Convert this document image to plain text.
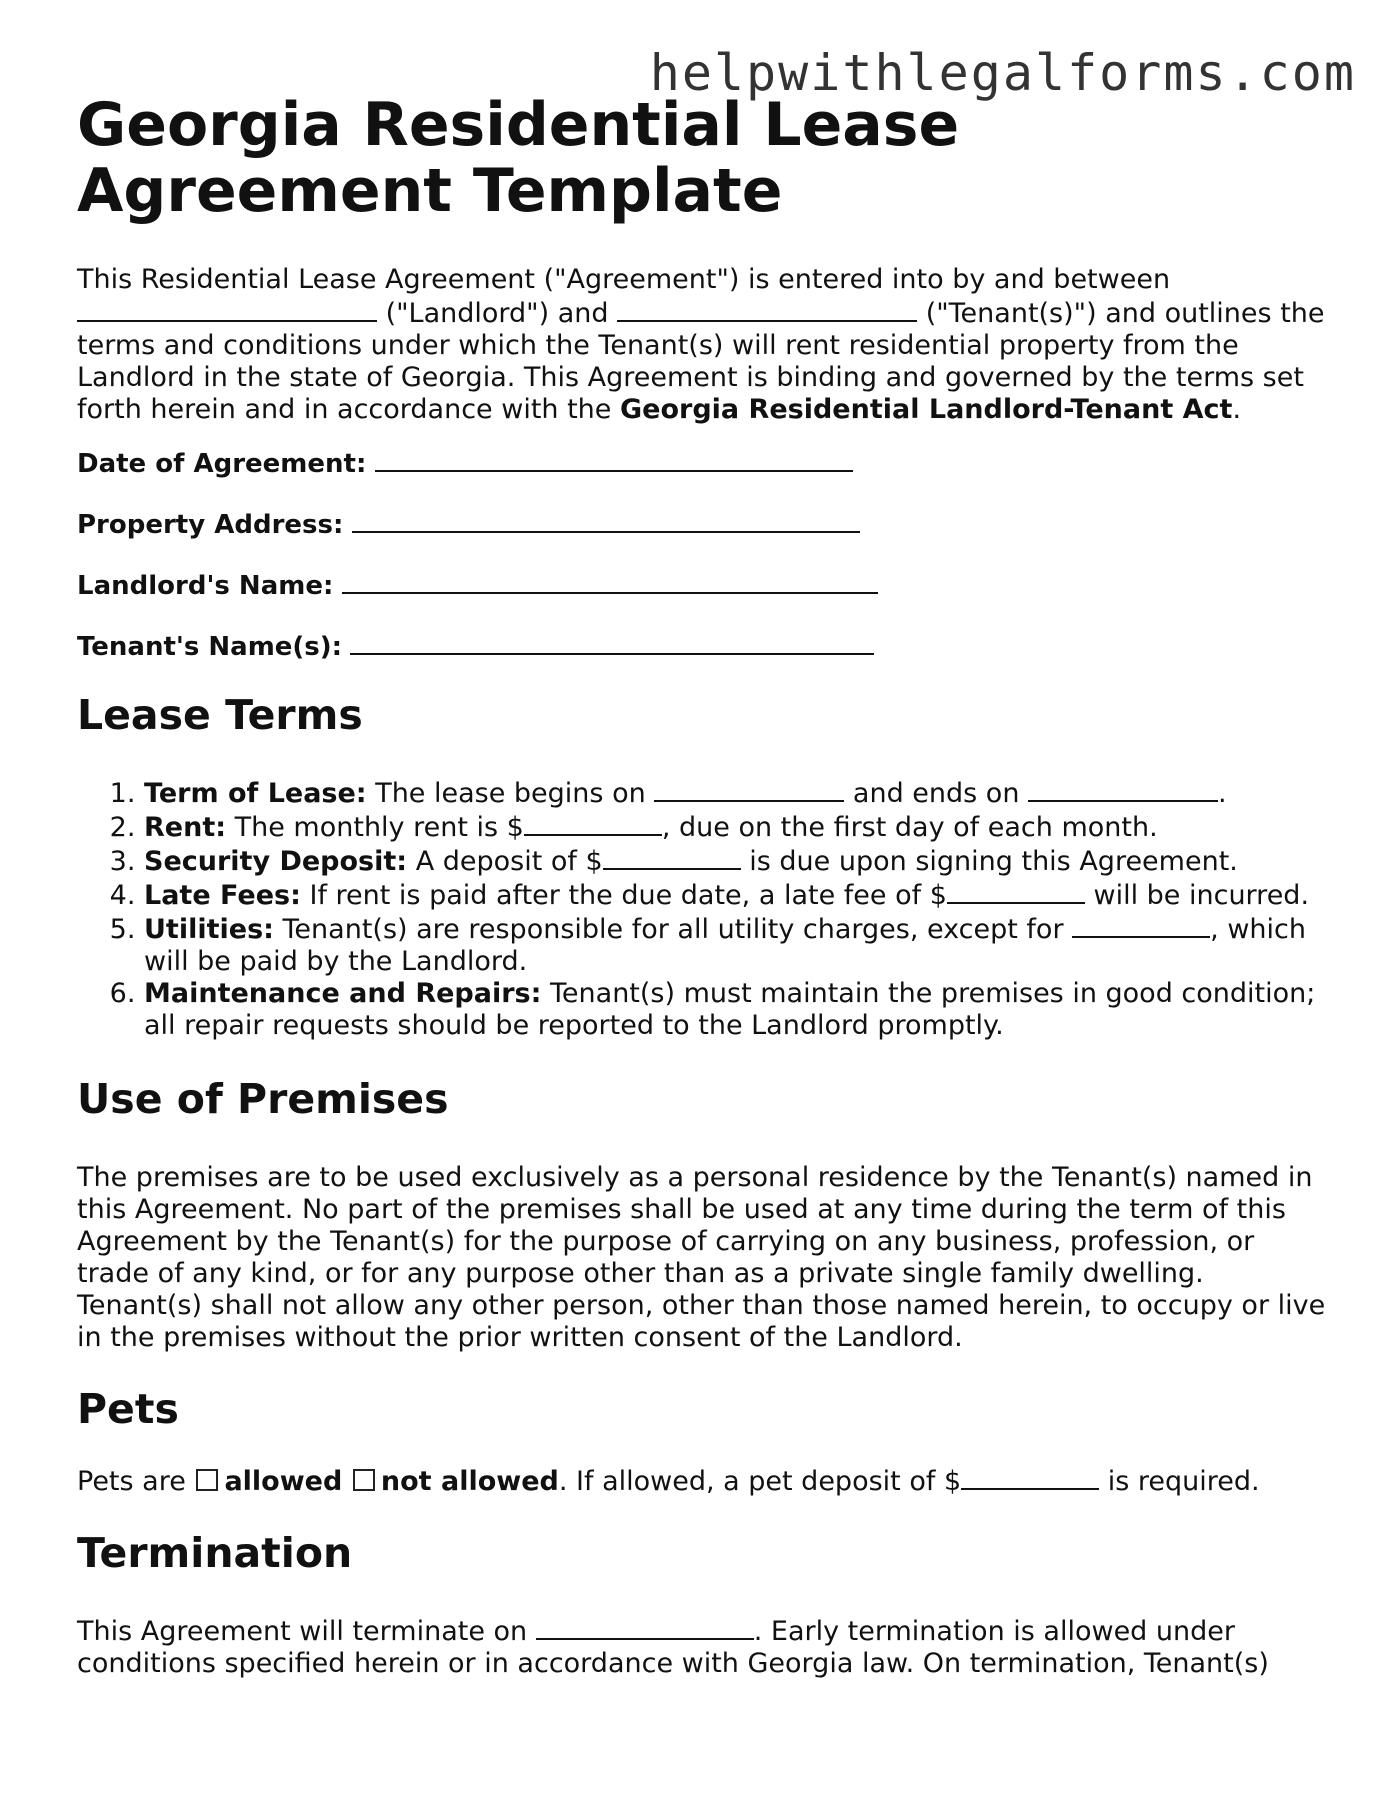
helpwithlegalforms.com
Georgia Residential Lease Agreement Template

This Residential Lease Agreement ("Agreement") is entered into by and between
("Landlord") and	("Tenant(s)") and outlines the terms and conditions under which the Tenant(s) will rent residential property from the Landlord in the state of Georgia. This Agreement is binding and governed by the terms set forth herein and in accordance with the Georgia Residential Landlord-Tenant Act.

Date of Agreement:

Property Address:

Landlord's Name:

Tenant's Name(s):

Lease Terms
1. Term of Lease: The lease begins on	and ends on	.
2. Rent: The monthly rent is $	, due on the first day of each month.
3. Security Deposit: A deposit of $	is due upon signing this Agreement.
4. Late Fees: If rent is paid after the due date, a late fee of $	will be incurred.
5. Utilities: Tenant(s) are responsible for all utility charges, except for	, which will be paid by the Landlord.
6. Maintenance and Repairs: Tenant(s) must maintain the premises in good condition; all repair requests should be reported to the Landlord promptly.
Use of Premises

The premises are to be used exclusively as a personal residence by the Tenant(s) named in this Agreement. No part of the premises shall be used at any time during the term of this Agreement by the Tenant(s) for the purpose of carrying on any business, profession, or trade of any kind, or for any purpose other than as a private single family dwelling. Tenant(s) shall not allow any other person, other than those named herein, to occupy or live in the premises without the prior written consent of the Landlord.

Pets

Pets are allowed not allowed. If allowed, a pet deposit of $	is required.

Termination

This Agreement will terminate on	. Early termination is allowed under conditions specified herein or in accordance with Georgia law. On termination, Tenant(s)
